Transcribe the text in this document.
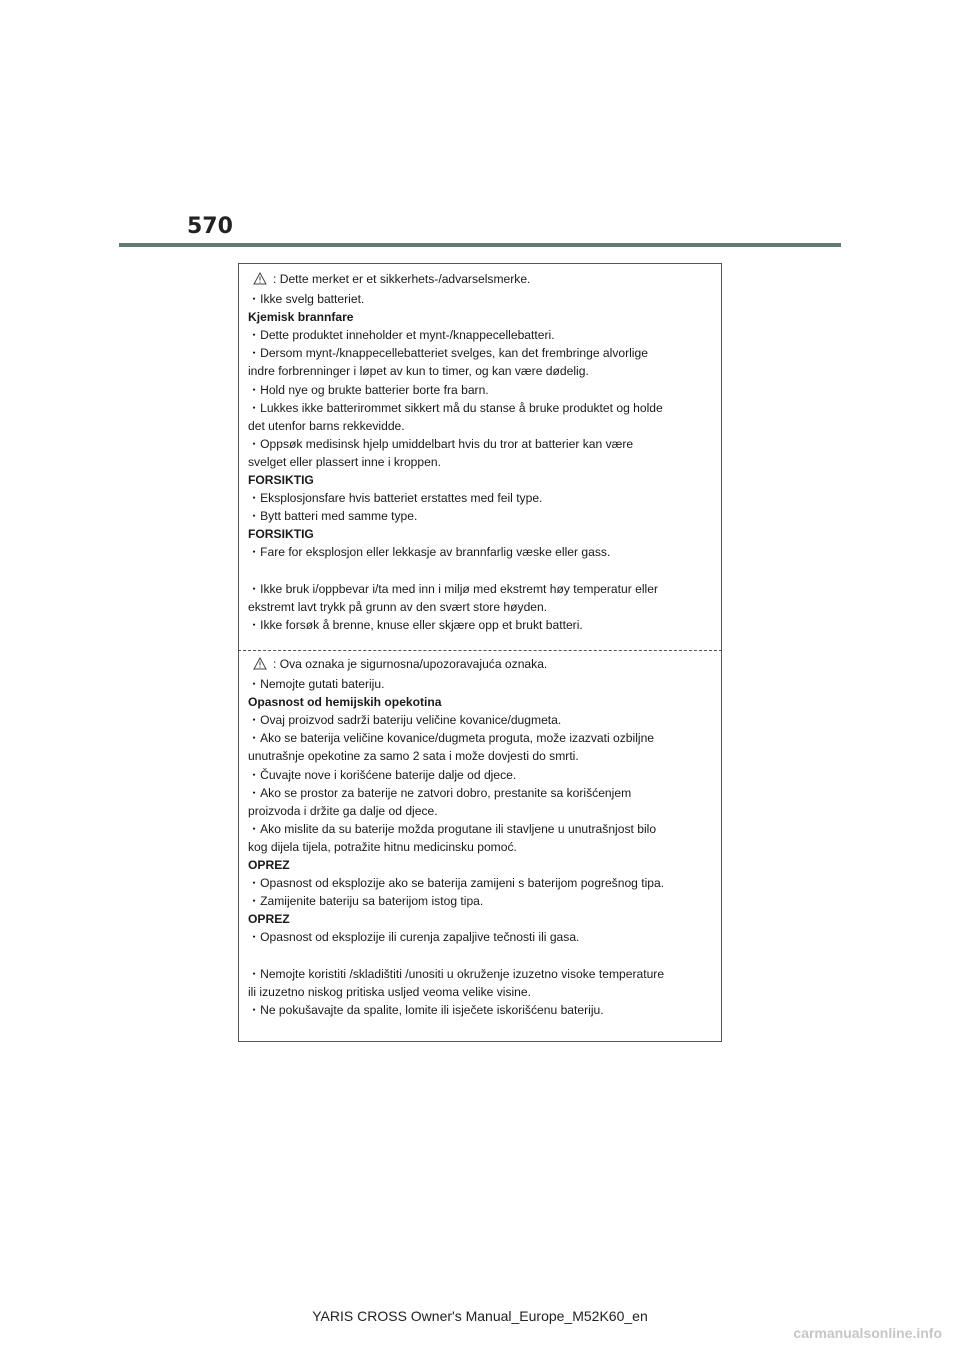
570
: Dette merket er et sikkerhets-/advarselsmerke.
・Ikke svelg batteriet.
Kjemisk brannfare
・Dette produktet inneholder et mynt-/knappecellebatteri.
・Dersom mynt-/knappecellebatteriet svelges, kan det frembringe alvorlige
indre forbrenninger i løpet av kun to timer, og kan være dødelig.
・Hold nye og brukte batterier borte fra barn.
・Lukkes ikke batterirommet sikkert må du stanse å bruke produktet og holde
det utenfor barns rekkevidde.
・Oppsøk medisinsk hjelp umiddelbart hvis du tror at batterier kan være
svelget eller plassert inne i kroppen.
FORSIKTIG
・Eksplosjonsfare hvis batteriet erstattes med feil type.
・Bytt batteri med samme type.
FORSIKTIG
・Fare for eksplosjon eller lekkasje av brannfarlig væske eller gass.
・Ikke bruk i/oppbevar i/ta med inn i miljø med ekstremt høy temperatur eller
ekstremt lavt trykk på grunn av den svært store høyden.
・Ikke forsøk å brenne, knuse eller skjære opp et brukt batteri.
: Ova oznaka je sigurnosna/upozoravajuća oznaka.
・Nemojte gutati bateriju.
Opasnost od hemijskih opekotina
・Ovaj proizvod sadrži bateriju veličine kovanice/dugmeta.
・Ako se baterija veličine kovanice/dugmeta proguta, može izazvati ozbiljne
unutrašnje opekotine za samo 2 sata i može dovjesti do smrti.
・Čuvajte nove i korišćene baterije dalje od djece.
・Ako se prostor za baterije ne zatvori dobro, prestanite sa korišćenjem
proizvoda i držite ga dalje od djece.
・Ako mislite da su baterije možda progutane ili stavljene u unutrašnjost bilo
kog dijela tijela, potražite hitnu medicinsku pomoć.
OPREZ
・Opasnost od eksplozije ako se baterija zamijeni s baterijom pogrešnog tipa.
・Zamijenite bateriju sa baterijom istog tipa.
OPREZ
・Opasnost od eksplozije ili curenja zapaljive tečnosti ili gasa.
・Nemojte koristiti /skladištiti /unositi u okruženje izuzetno visoke temperature
ili izuzetno niskog pritiska usljed veoma velike visine.
・Ne pokušavajte da spalite, lomite ili isječete iskorišćenu bateriju.
YARIS CROSS Owner's Manual_Europe_M52K60_en
carmanualsonline.info
